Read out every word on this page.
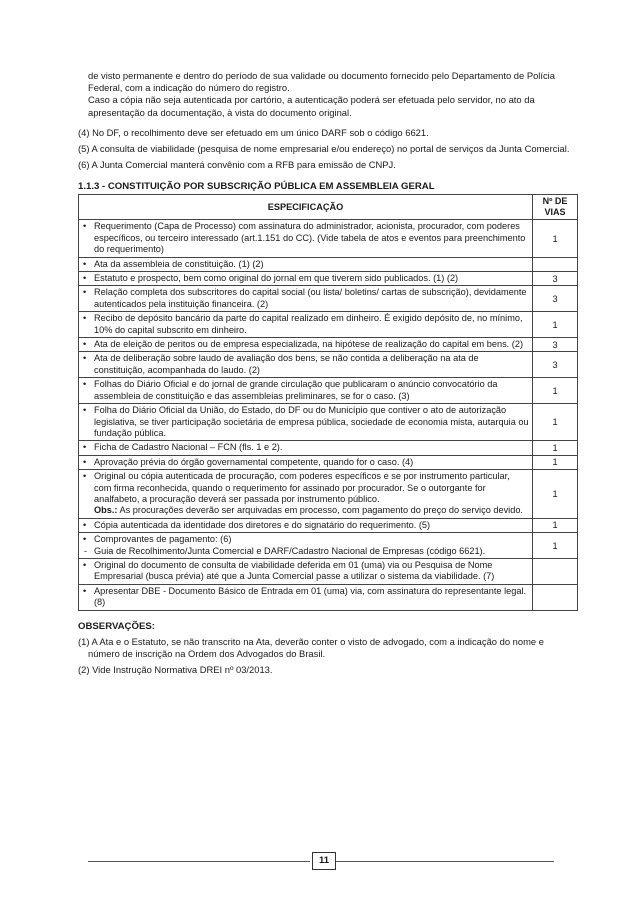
de visto permanente e dentro do período de sua validade ou documento fornecido pelo Departamento de Polícia Federal, com a indicação do número do registro.

Caso a cópia não seja autenticada por cartório, a autenticação poderá ser efetuada pelo servidor, no ato da apresentação da documentação, à vista do documento original.

(4) No DF, o recolhimento deve ser efetuado em um único DARF sob o código 6621.

(5) A consulta de viabilidade (pesquisa de nome empresarial e/ou endereço) no portal de serviços da Junta Comercial.

(6) A Junta Comercial manterá convênio com a RFB para emissão de CNPJ.

1.1.3 - CONSTITUIÇÃO POR SUBSCRIÇÃO PÚBLICA EM ASSEMBLEIA GERAL
ESPECIFICAÇÃO	Nº DE VIAS

• Requerimento (Capa de Processo) com assinatura do administrador, acionista, procurador, com poderes específicos, ou terceiro interessado (art.1.151 do CC). (Vide tabela de atos e eventos para preenchimento do requerimento)	1

• Ata da assembleia de constituição. (1) (2)

• Estatuto e prospecto, bem como original do jornal em que tiverem sido publicados. (1) (2)	3

• Relação completa dos subscritores do capital social (ou lista/ boletins/ cartas de subscrição), devidamente autenticados pela instituição financeira. (2)	3

• Recibo de depósito bancário da parte do capital realizado em dinheiro. É exigido depósito de, no mínimo, 10% do capital subscrito em dinheiro.	1

• Ata de eleição de peritos ou de empresa especializada, na hipótese de realização do capital em bens. (2)	3

• Ata de deliberação sobre laudo de avaliação dos bens, se não contida a deliberação na ata de constituição, acompanhada do laudo. (2)	3

• Folhas do Diário Oficial e do jornal de grande circulação que publicaram o anúncio convocatório da assembleia de constituição e das assembleias preliminares, se for o caso. (3)	1

• Folha do Diário Oficial da União, do Estado, do DF ou do Município que contiver o ato de autorização legislativa, se tiver participação societária de empresa pública, sociedade de economia mista, autarquia ou fundação pública.	1

• Ficha de Cadastro Nacional – FCN (fls. 1 e 2).	1

• Aprovação prévia do órgão governamental competente, quando for o caso. (4)	1

• Original ou cópia autenticada de procuração, com poderes específicos e se por instrumento particular, com firma reconhecida, quando o requerimento for assinado por procurador. Se o outorgante for analfabeto, a procuração deverá ser passada por instrumento público.
Obs.: As procurações deverão ser arquivadas em processo, com pagamento do preço do serviço devido.	1

• Cópia autenticada da identidade dos diretores e do signatário do requerimento. (5)	1

• Comprovantes de pagamento: (6)
- Guia de Recolhimento/Junta Comercial e DARF/Cadastro Nacional de Empresas (código 6621).	1

• Original do documento de consulta de viabilidade deferida em 01 (uma) via ou Pesquisa de Nome Empresarial (busca prévia) até que a Junta Comercial passe a utilizar o sistema da viabilidade. (7)

• Apresentar DBE - Documento Básico de Entrada em 01 (uma) via, com assinatura do representante legal. (8)

OBSERVAÇÕES:

(1) A Ata e o Estatuto, se não transcrito na Ata, deverão conter o visto de advogado, com a indicação do nome e número de inscrição na Ordem dos Advogados do Brasil.

(2) Vide Instrução Normativa DREI nº 03/2013.

11
